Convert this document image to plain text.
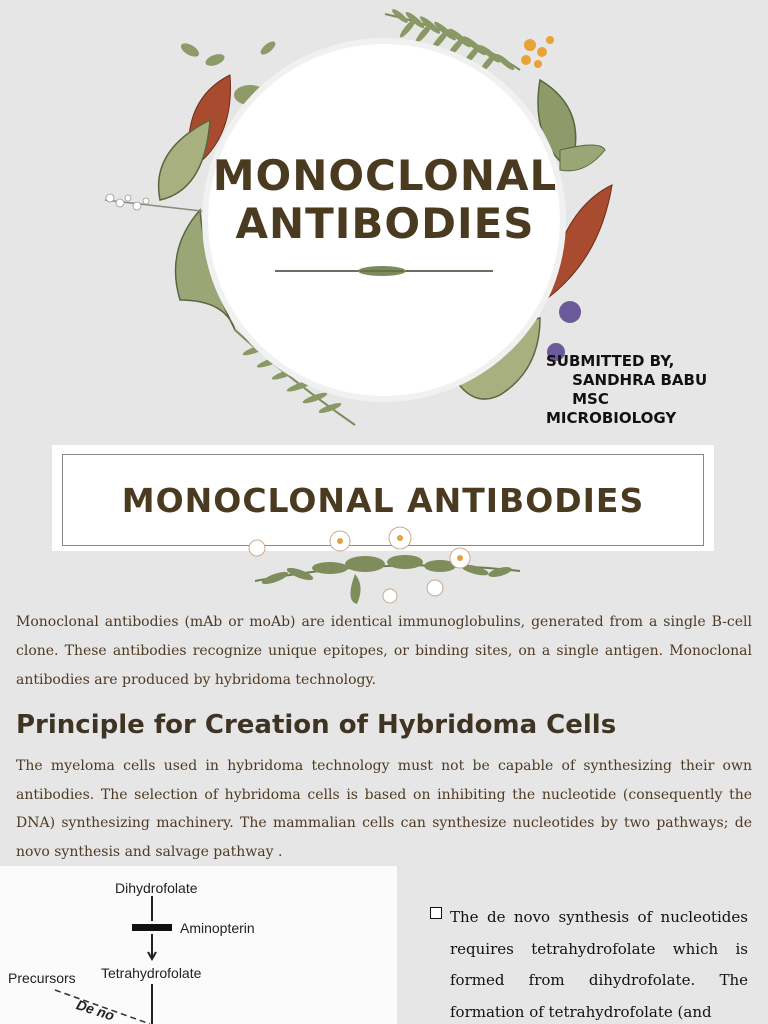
MONOCLONAL
ANTIBODIES
SUBMITTED BY,
SANDHRA BABU
MSC
MICROBIOLOGY
MONOCLONAL ANTIBODIES

Monoclonal antibodies (mAb or moAb) are identical immunoglobulins, generated from a single B-cell clone. These antibodies recognize unique epitopes, or binding sites, on a single antigen. Monoclonal antibodies are produced by hybridoma technology.

Principle for Creation of Hybridoma Cells

The myeloma cells used in hybridoma technology must not be capable of synthesizing their own antibodies. The selection of hybridoma cells is based on inhibiting the nucleotide (consequently the DNA) synthesizing machinery. The mammalian cells can synthesize nucleotides by two pathways; de novo synthesis and salvage pathway .

Dihydrofolate
Aminopterin
Tetrahydrofolate
Precursors
De no
The de novo synthesis of nucleotides requires tetrahydrofolate which is formed from dihydrofolate. The formation of tetrahydrofolate (and
